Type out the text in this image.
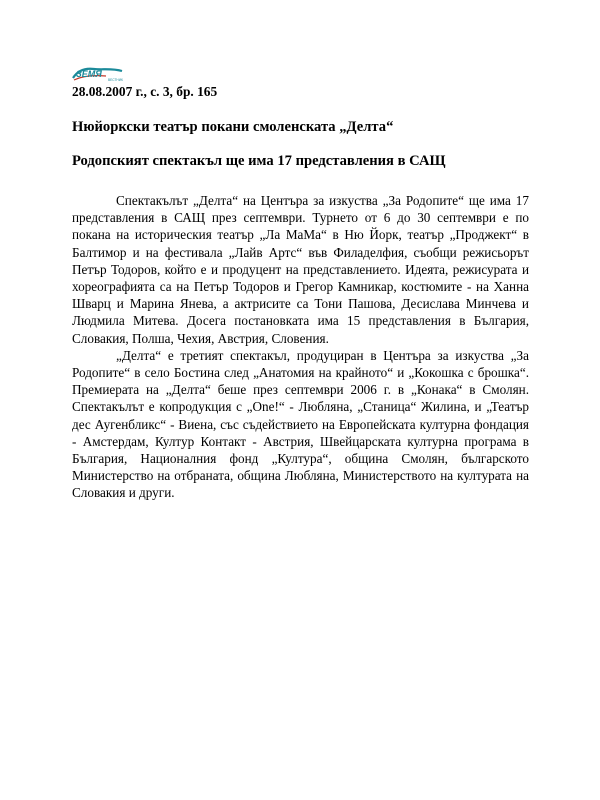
ЗЕМЯ
ВЕСТНИК
28.08.2007 г., с. 3, бр. 165
Нюйоркски театър покани смоленската „Делта“
Родопският спектакъл ще има 17 представления в САЩ

Спектакълът „Делта“ на Центъра за изкуства „За Родопите“ ще има 17 представления в САЩ през септември. Турнето от 6 до 30 септември е по покана на историческия театър „Ла МаМа“ в Ню Йорк, театър „Проджект“ в Балтимор и на фестивала „Лайв Артс“ във Филаделфия, съобщи режисьорът Петър Тодоров, който е и продуцент на представлението. Идеята, режисурата и хореографията са на Петър Тодоров и Грегор Камникар, костюмите - на Ханна Шварц и Марина Янева, а актрисите са Тони Пашова, Десислава Минчева и Людмила Митева. Досега постановката има 15 представления в България, Словакия, Полша, Чехия, Австрия, Словения.

„Делта“ е третият спектакъл, продуциран в Центъра за изкуства „За Родопите“ в село Бостина след „Анатомия на крайното“ и „Кокошка с брошка“. Премиерата на „Делта“ беше през септември 2006 г. в „Конака“ в Смолян. Спектакълът е копродукция с „One!“ - Любляна, „Станица“ Жилина, и „Театър дес Аугенбликс“ - Виена, със съдействието на Европейската културна фондация - Амстердам, Култур Контакт - Австрия, Швейцарската културна програма в България, Националния фонд „Култура“, община Смолян, българското Министерство на отбраната, община Любляна, Министерството на културата на Словакия и други.
